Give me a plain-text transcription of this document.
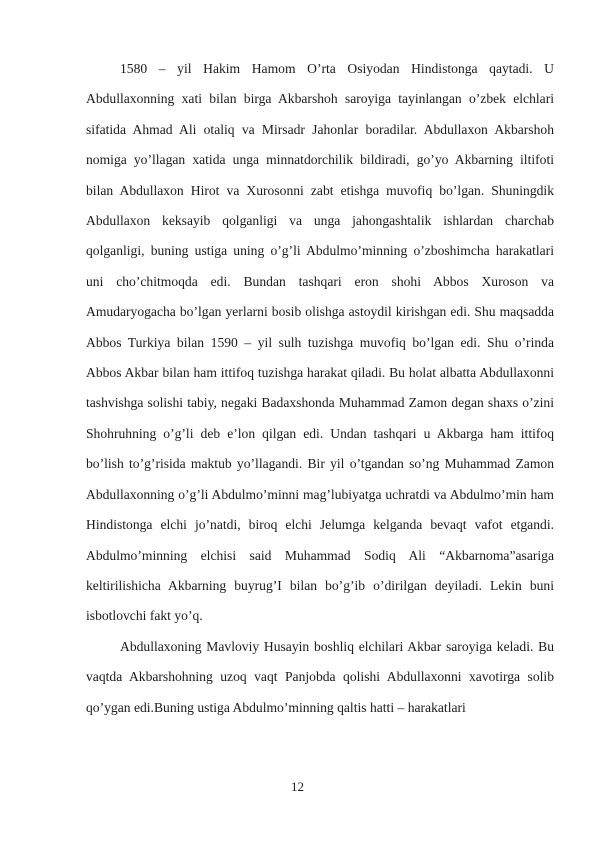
1580 – yil Hakim Hamom O’rta Osiyodan Hindistonga qaytadi. U Abdullaxonning xati bilan birga Akbarshoh saroyiga tayinlangan o’zbek elchlari sifatida Ahmad Ali otaliq va Mirsadr Jahonlar boradilar. Abdullaxon Akbarshoh nomiga yo’llagan xatida unga minnatdorchilik bildiradi, go’yo Akbarning iltifoti bilan Abdullaxon Hirot va Xurosonni zabt etishga muvofiq bo’lgan. Shuningdik Abdullaxon keksayib qolganligi va unga jahongashtalik ishlardan charchab qolganligi, buning ustiga uning o’g’li Abdulmo’minning o’zboshimcha harakatlari uni cho’chitmoqda edi. Bundan tashqari eron shohi Abbos Xuroson va Amudaryogacha bo’lgan yerlarni bosib olishga astoydil kirishgan edi. Shu maqsadda Abbos Turkiya bilan 1590 – yil sulh tuzishga muvofiq bo’lgan edi. Shu o’rinda Abbos Akbar bilan ham ittifoq tuzishga harakat qiladi. Bu holat albatta Abdullaxonni tashvishga solishi tabiy, negaki Badaxshonda Muhammad Zamon degan shaxs o’zini Shohruhning o’g’li deb e’lon qilgan edi. Undan tashqari u Akbarga ham ittifoq bo’lish to’g’risida maktub yo’llagandi. Bir yil o’tgandan so’ng Muhammad Zamon Abdullaxonning o’g’li Abdulmo’minni mag’lubiyatga uchratdi va Abdulmo’min ham Hindistonga elchi jo’natdi, biroq elchi Jelumga kelganda bevaqt vafot etgandi. Abdulmo’minning elchisi said Muhammad Sodiq Ali “Akbarnoma”asariga keltirilishicha Akbarning buyrug’I bilan bo’g’ib o’dirilgan deyiladi. Lekin buni isbotlovchi fakt yo’q.

Abdullaxoning Mavloviy Husayin boshliq elchilari Akbar saroyiga keladi. Bu vaqtda Akbarshohning uzoq vaqt Panjobda qolishi Abdullaxonni xavotirga solib qo’ygan edi.Buning ustiga Abdulmo’minning qaltis hatti – harakatlari

12
